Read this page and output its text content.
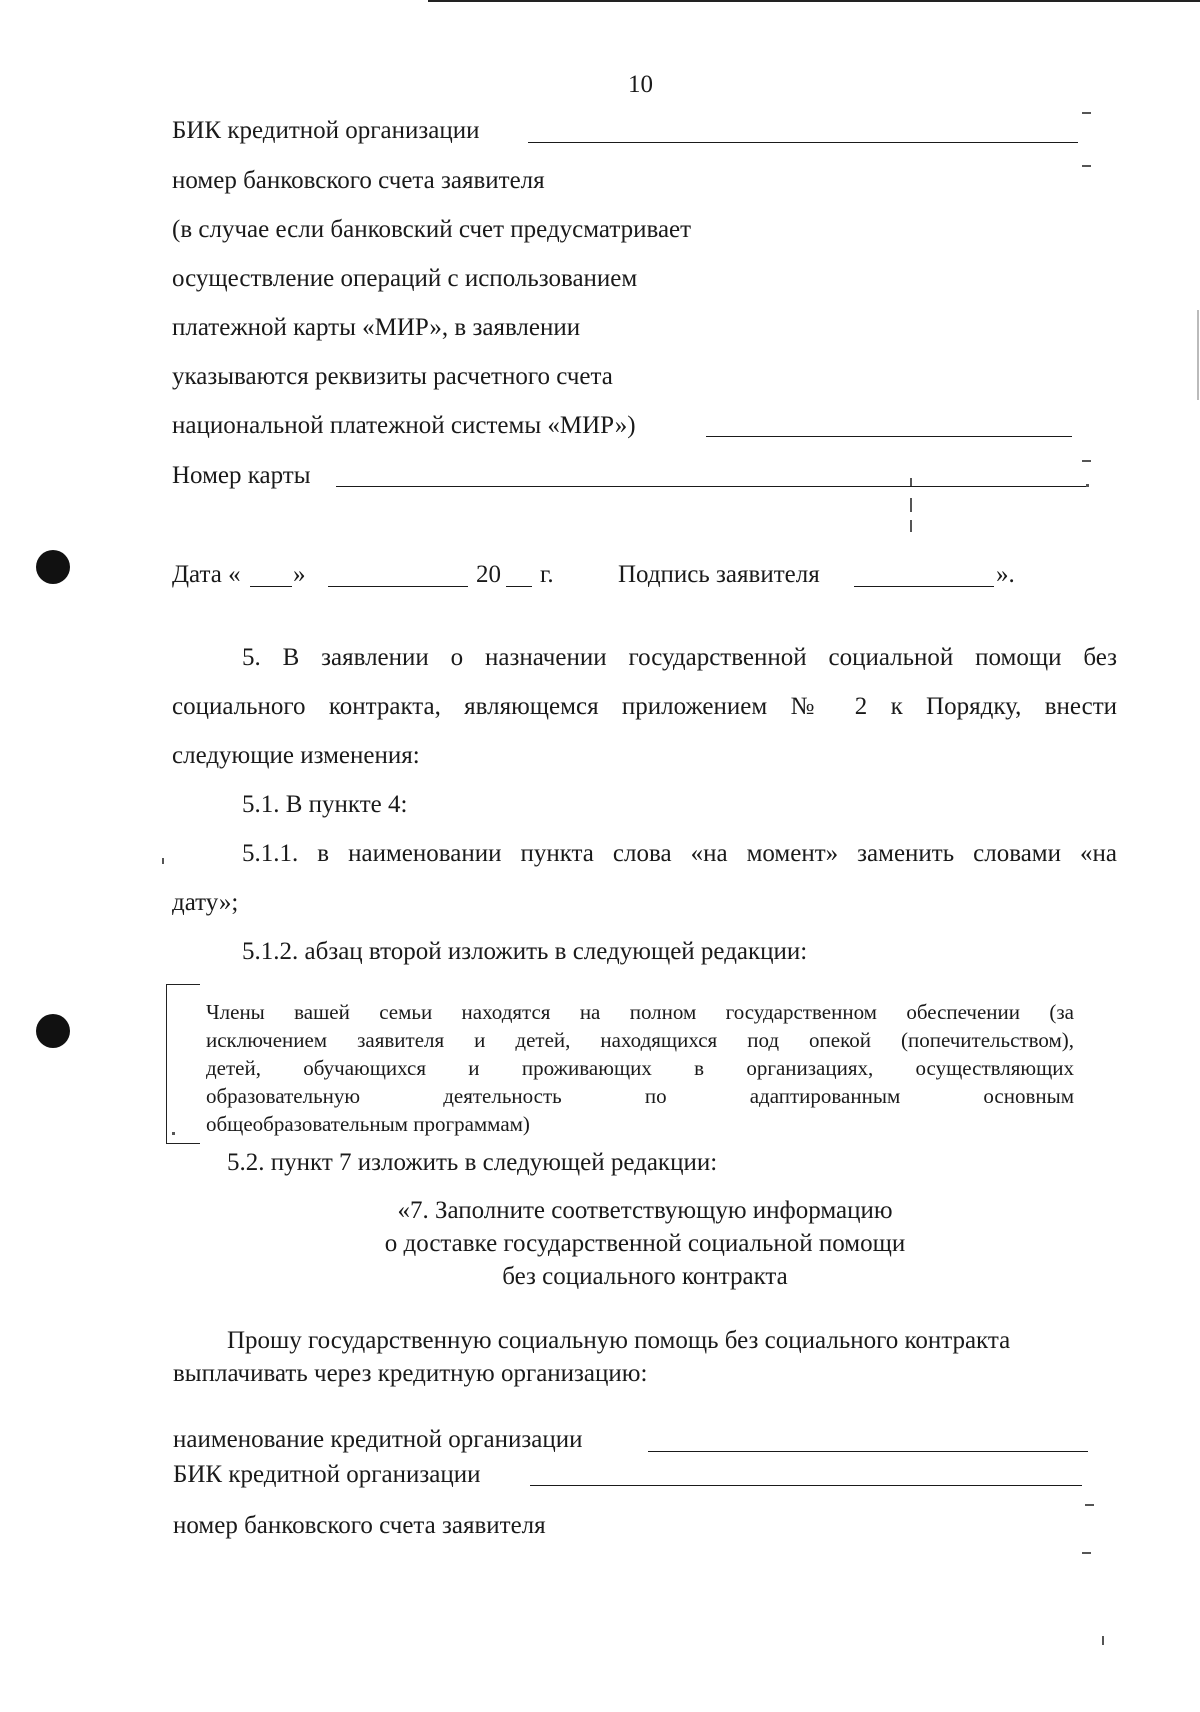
10
БИК кредитной организации
номер банковского счета заявителя
(в случае если банковский счет предусматривает
осуществление операций с использованием
платежной карты «МИР», в заявлении
указываются реквизиты расчетного счета
национальной платежной системы «МИР»)
Номер карты
Дата « »	20 г.	Подпись заявителя	».
5. В заявлении о назначении государственной социальной помощи без
социального контракта, являющемся приложением № 2 к Порядку, внести
следующие изменения:
5.1. В пункте 4:
5.1.1. в наименовании пункта слова «на момент» заменить словами «на
дату»;
5.1.2. абзац второй изложить в следующей редакции:
Члены вашей семьи находятся на полном государственном обеспечении (за
исключением заявителя и детей, находящихся под опекой (попечительством),
детей, обучающихся и проживающих в организациях, осуществляющих
образовательную деятельность по адаптированным основным
общеобразовательным программам)
5.2. пункт 7 изложить в следующей редакции:
«7. Заполните соответствующую информацию
о доставке государственной социальной помощи
без социального контракта
Прошу государственную социальную помощь без социального контракта
выплачивать через кредитную организацию:
наименование кредитной организации
БИК кредитной организации
номер банковского счета заявителя
